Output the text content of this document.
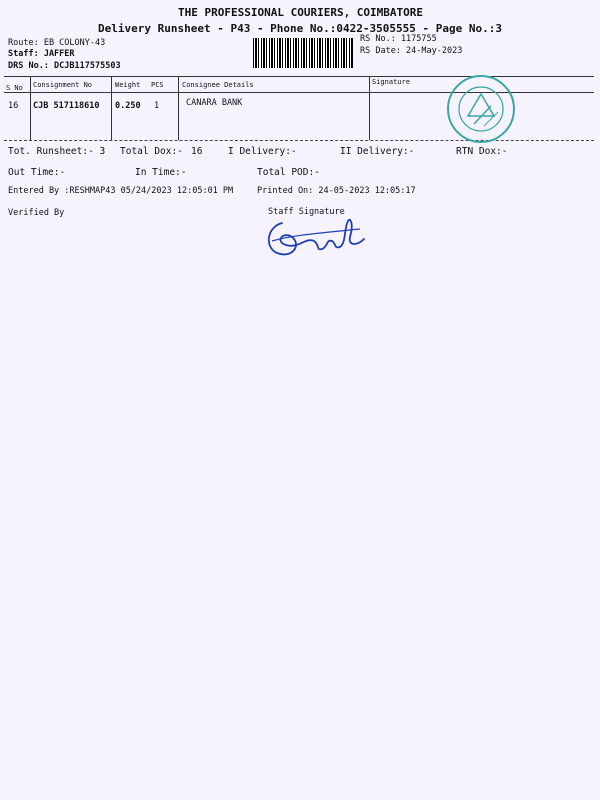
THE PROFESSIONAL COURIERS, COIMBATORE
Delivery Runsheet - P43 - Phone No.:0422-3505555 - Page No.:3
Route: EB COLONY-43
Staff: JAFFER
DRS No.: DCJB117575503
RS No.: 1175755
RS Date: 24-May-2023
S No Consignment No	Weight PCS	Consignee Details	Signature
16 CJB 517118610 0.250 1	CANARA BANK
Tot. Runsheet:- 3 Total Dox:- 16	I Delivery:-	II Delivery:-	RTN Dox:-
Out Time:-	In Time:-	Total POD:-
Entered By :RESHMAP43 05/24/2023 12:05:01 PM	Printed On: 24-05-2023 12:05:17
Verified By	Staff Signature
